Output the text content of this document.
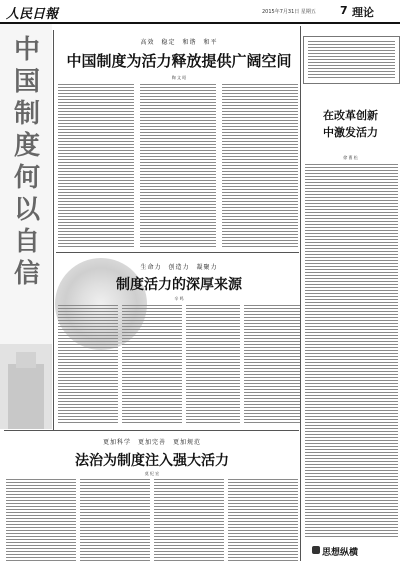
人民日報	2015年7月31日 星期五 7 理论
中国制度何以自信
高效　稳定　和谐　和平
中国制度为活力释放提供广阔空间
陶 文 昭
生命力　创造力　凝聚力
制度活力的深厚来源
辛 鸣
更加科学　更加完善　更加规范
法治为制度注入强大活力
莫 纪 宏
在改革创新
中激发活力
徐 曹 松
思想纵横
